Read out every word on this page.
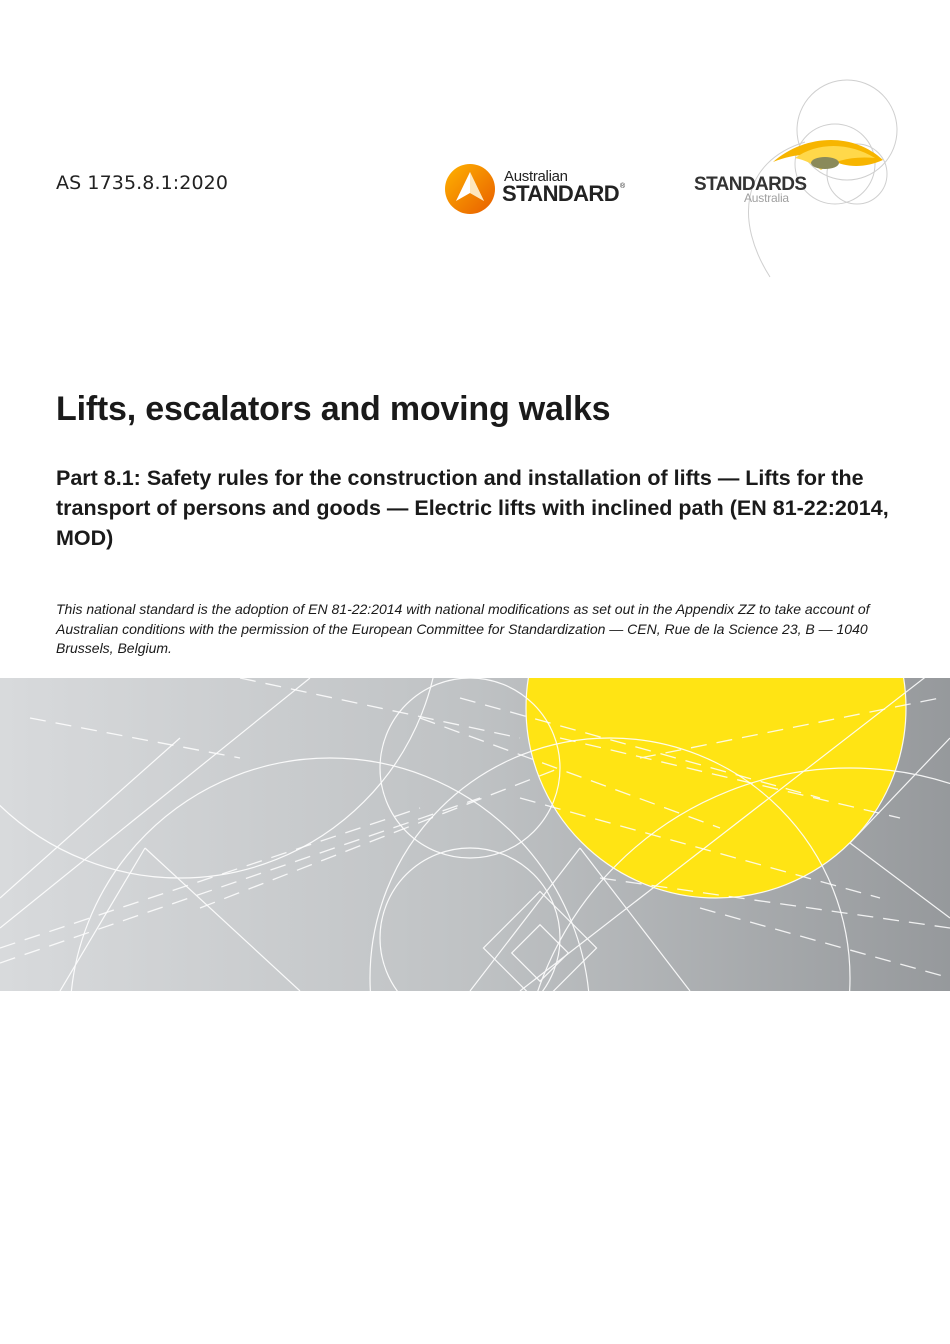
AS 1735.8.1:2020	Australian
STANDARD ®	STANDARDS
Australia
Lifts, escalators and moving walks
Part 8.1: Safety rules for the construction and installation of lifts — Lifts for the transport of persons and goods — Electric lifts with inclined path (EN 81-22:2014, MOD)

This national standard is the adoption of EN 81-22:2014 with national modifications as set out in the Appendix ZZ to take account of Australian conditions with the permission of the European Committee for Standardization — CEN, Rue de la Science 23, B — 1040 Brussels, Belgium.
